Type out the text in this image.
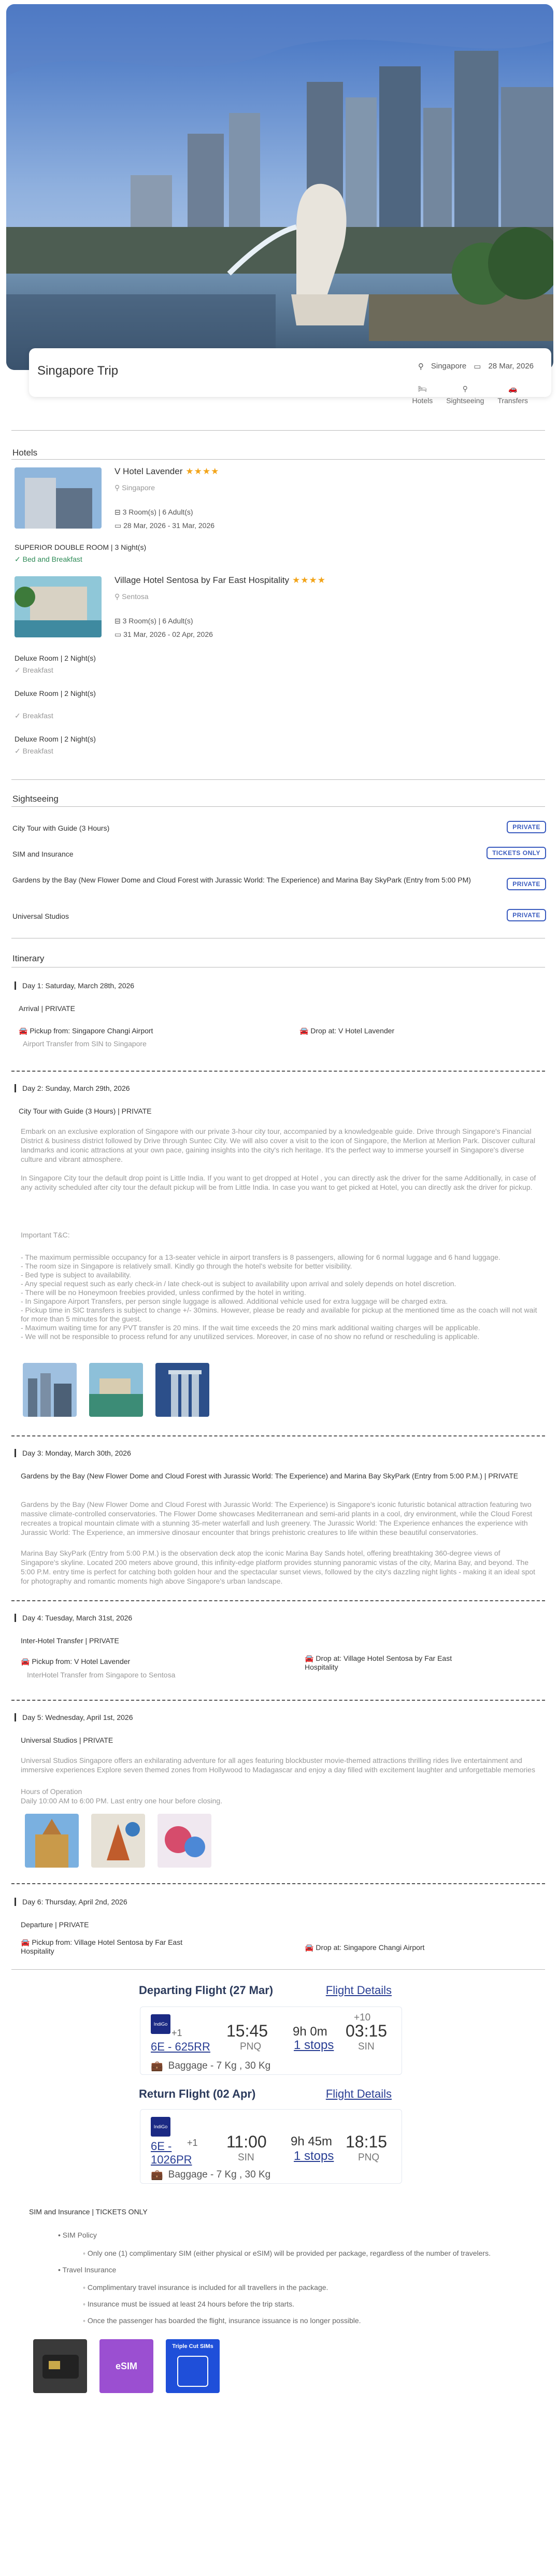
Singapore Trip	⚲ Singapore ▭ 28 Mar, 2026
🛏
Hotels
⚲
Sightseeing
🚗
Transfers
Hotels
V Hotel Lavender ★★★★
⚲ Singapore
⊟ 3 Room(s) | 6 Adult(s)
▭ 28 Mar, 2026 - 31 Mar, 2026
SUPERIOR DOUBLE ROOM | 3 Night(s)
✓ Bed and Breakfast
Village Hotel Sentosa by Far East Hospitality ★★★★
⚲ Sentosa
⊟ 3 Room(s) | 6 Adult(s)
▭ 31 Mar, 2026 - 02 Apr, 2026
Deluxe Room | 2 Night(s)
✓ Breakfast
Deluxe Room | 2 Night(s)
✓ Breakfast
Deluxe Room | 2 Night(s)
✓ Breakfast
Sightseeing
City Tour with Guide (3 Hours)	PRIVATE
SIM and Insurance	TICKETS ONLY
Gardens by the Bay (New Flower Dome and Cloud Forest with Jurassic World: The Experience) and Marina Bay SkyPark (Entry from 5:00 PM)	PRIVATE
Universal Studios	PRIVATE
Itinerary
Day 1: Saturday, March 28th, 2026
Arrival | PRIVATE
🚘 Pickup from: Singapore Changi Airport	🚘 Drop at: V Hotel Lavender
Airport Transfer from SIN to Singapore
Day 2: Sunday, March 29th, 2026
City Tour with Guide (3 Hours) | PRIVATE
Embark on an exclusive exploration of Singapore with our private 3-hour city tour, accompanied by a knowledgeable guide. Drive through Singapore's Financial District & business district followed by Drive through Suntec City. We will also cover a visit to the icon of Singapore, the Merlion at Merlion Park. Discover cultural landmarks and iconic attractions at your own pace, gaining insights into the city's rich heritage. It's the perfect way to immerse yourself in Singapore's diverse culture and vibrant atmosphere.
In Singapore City tour the default drop point is Little India. If you want to get dropped at Hotel , you can directly ask the driver for the same Additionally, in case of any activity scheduled after city tour the default pickup will be from Little India. In case you want to get picked at Hotel, you can directly ask the driver for pickup.
Important T&C:
- The maximum permissible occupancy for a 13-seater vehicle in airport transfers is 8 passengers, allowing for 6 normal luggage and 6 hand luggage.
- The room size in Singapore is relatively small. Kindly go through the hotel's website for better visibility.
- Bed type is subject to availability.
- Any special request such as early check-in / late check-out is subject to availability upon arrival and solely depends on hotel discretion.
- There will be no Honeymoon freebies provided, unless confirmed by the hotel in writing.
- In Singapore Airport Transfers, per person single luggage is allowed. Additional vehicle used for extra luggage will be charged extra.
- Pickup time in SIC transfers is subject to change +/- 30mins. However, please be ready and available for pickup at the mentioned time as the coach will not wait for more than 5 minutes for the guest.
- Maximum waiting time for any PVT transfer is 20 mins. If the wait time exceeds the 20 mins mark additional waiting charges will be applicable.
- We will not be responsible to process refund for any unutilized services. Moreover, in case of no show no refund or rescheduling is applicable.
Day 3: Monday, March 30th, 2026
Gardens by the Bay (New Flower Dome and Cloud Forest with Jurassic World: The Experience) and Marina Bay SkyPark (Entry from 5:00 P.M.) | PRIVATE
Gardens by the Bay (New Flower Dome and Cloud Forest with Jurassic World: The Experience) is Singapore's iconic futuristic botanical attraction featuring two massive climate-controlled conservatories. The Flower Dome showcases Mediterranean and semi-arid plants in a cool, dry environment, while the Cloud Forest recreates a tropical mountain climate with a stunning 35-meter waterfall and lush greenery. The Jurassic World: The Experience enhances the experience with Jurassic World: The Experience, an immersive dinosaur encounter that brings prehistoric creatures to life within these beautiful conservatories.
Marina Bay SkyPark (Entry from 5:00 P.M.) is the observation deck atop the iconic Marina Bay Sands hotel, offering breathtaking 360-degree views of Singapore's skyline. Located 200 meters above ground, this infinity-edge platform provides stunning panoramic vistas of the city, Marina Bay, and beyond. The 5:00 P.M. entry time is perfect for catching both golden hour and the spectacular sunset views, followed by the city's dazzling night lights - making it an ideal spot for photography and romantic moments high above Singapore's urban landscape.
Day 4: Tuesday, March 31st, 2026
Inter-Hotel Transfer | PRIVATE
🚘 Pickup from: V Hotel Lavender	🚘 Drop at: Village Hotel Sentosa by Far East Hospitality
InterHotel Transfer from Singapore to Sentosa
Day 5: Wednesday, April 1st, 2026
Universal Studios | PRIVATE
Universal Studios Singapore offers an exhilarating adventure for all ages featuring blockbuster movie-themed attractions thrilling rides live entertainment and immersive experiences Explore seven themed zones from Hollywood to Madagascar and enjoy a day filled with excitement laughter and unforgettable memories
Hours of Operation
Daily 10:00 AM to 6:00 PM. Last entry one hour before closing.
Day 6: Thursday, April 2nd, 2026
Departure | PRIVATE
🚘 Pickup from: Village Hotel Sentosa by Far East Hospitality	🚘 Drop at: Singapore Changi Airport
Departing Flight (27 Mar)	Flight Details
IndiGo
+1
6E - 625RR
15:45
PNQ
9h 0m
1 stops
+10
03:15
SIN
💼 Baggage - 7 Kg , 30 Kg
Return Flight (02 Apr)	Flight Details
IndiGo
+1
6E - 1026PR
11:00
SIN
9h 45m
1 stops
18:15
PNQ
💼 Baggage - 7 Kg , 30 Kg
SIM and Insurance | TICKETS ONLY
• SIM Policy
◦ Only one (1) complimentary SIM (either physical or eSIM) will be provided per package, regardless of the number of travelers.
• Travel Insurance
◦ Complimentary travel insurance is included for all travellers in the package.
◦ Insurance must be issued at least 24 hours before the trip starts.
◦ Once the passenger has boarded the flight, insurance issuance is no longer possible.
eSIM
Triple Cut SIMs
